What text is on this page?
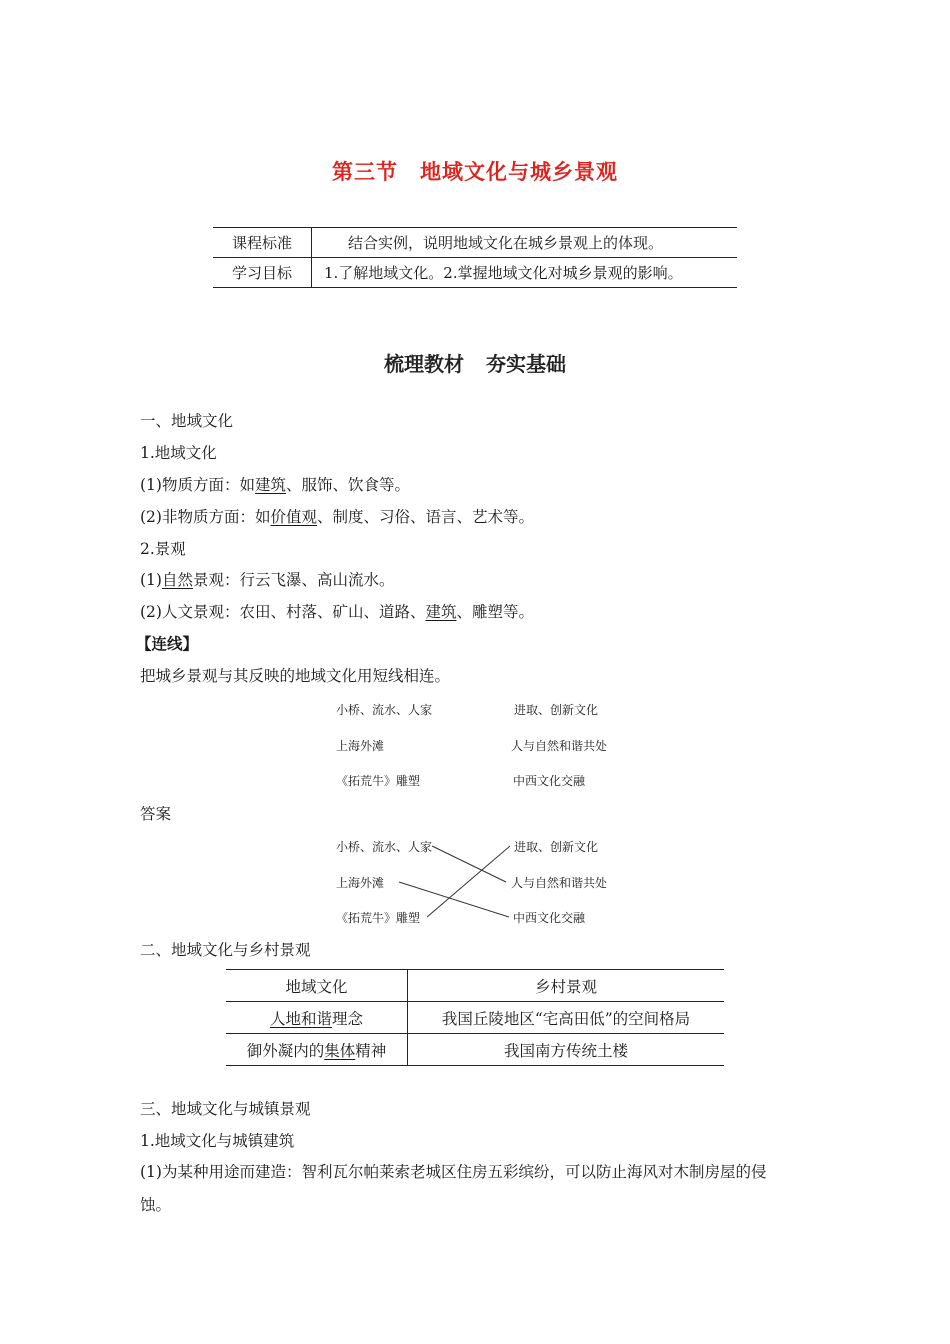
第三节 地域文化与城乡景观
课程标准	结合实例，说明地域文化在城乡景观上的体现。
学习目标	1.了解地域文化。2.掌握地域文化对城乡景观的影响。
梳理教材 夯实基础
一、地域文化
1.地域文化
(1)物质方面：如建筑、服饰、饮食等。
(2)非物质方面：如价值观、制度、习俗、语言、艺术等。
2.景观
(1)自然景观：行云飞瀑、高山流水。
(2)人文景观：农田、村落、矿山、道路、建筑、雕塑等。
【连线】
把城乡景观与其反映的地域文化用短线相连。
小桥、流水、人家
上海外滩
《拓荒牛》雕塑
进取、创新文化
人与自然和谐共处
中西文化交融
答案
小桥、流水、人家
上海外滩
《拓荒牛》雕塑
进取、创新文化
人与自然和谐共处
中西文化交融
二、地域文化与乡村景观
地域文化	乡村景观
人地和谐理念	我国丘陵地区“宅高田低”的空间格局
御外凝内的集体精神	我国南方传统土楼
三、地域文化与城镇景观
1.地域文化与城镇建筑
(1)为某种用途而建造：智利瓦尔帕莱索老城区住房五彩缤纷，可以防止海风对木制房屋的侵
蚀。
